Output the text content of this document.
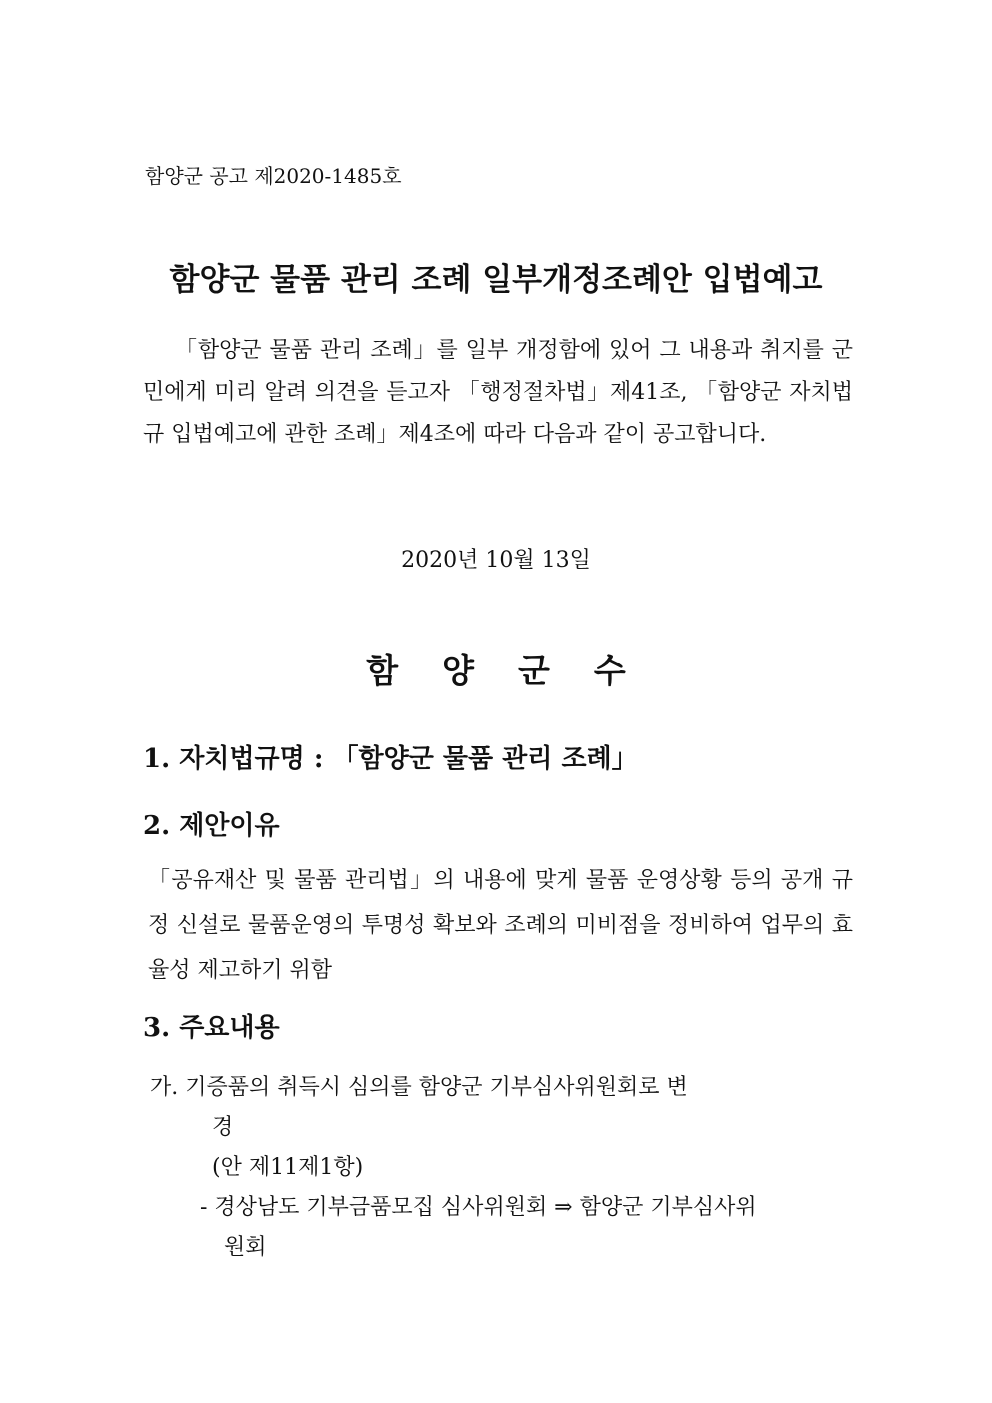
함양군 공고 제2020-1485호
함양군 물품 관리 조례 일부개정조례안 입법예고
「함양군 물품 관리 조례」를 일부 개정함에 있어 그 내용과 취지를 군민에게 미리 알려 의견을 듣고자 「행정절차법」제41조, 「함양군 자치법규 입법예고에 관한 조례」제4조에 따라 다음과 같이 공고합니다.
2020년 10월 13일
함양군수
1. 자치법규명 : 「함양군 물품 관리 조례」
2. 제안이유
「공유재산 및 물품 관리법」의 내용에 맞게 물품 운영상황 등의 공개 규정 신설로 물품운영의 투명성 확보와 조례의 미비점을 정비하여 업무의 효율성 제고하기 위함
3. 주요내용
가. 기증품의 취득시 심의를 함양군 기부심사위원회로 변
경
(안 제11제1항)
- 경상남도 기부금품모집 심사위원회 ⇒ 함양군 기부심사위
원회
